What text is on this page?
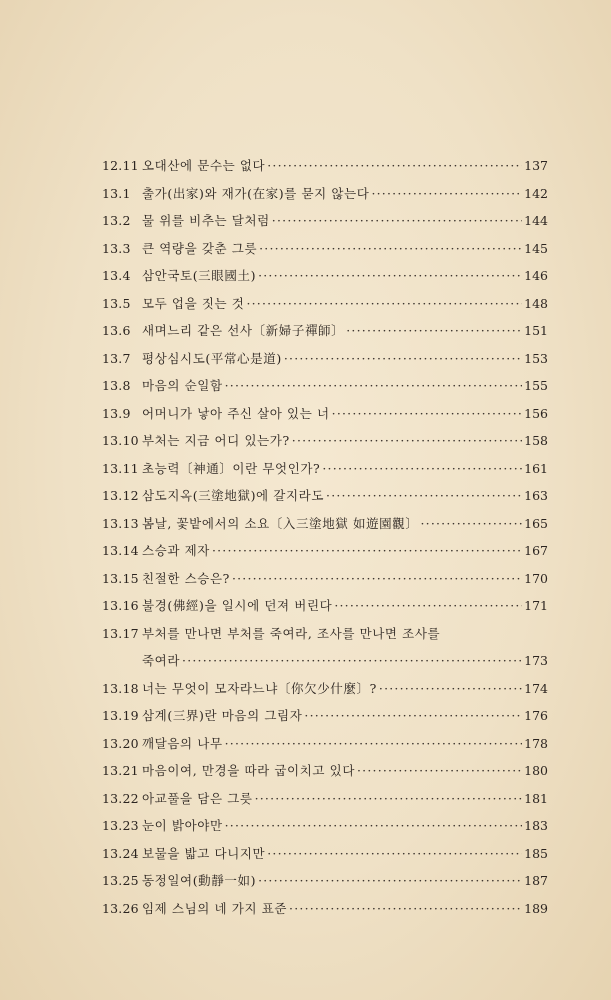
12.11 오대산에 문수는 없다 ·····	137
13.1 출가(出家)와 재가(在家)를 묻지 않는다 ·····	142
13.2 물 위를 비추는 달처럼 ·····	144
13.3 큰 역량을 갖춘 그릇 ·····	145
13.4 삼안국토(三眼國土) ·····	146
13.5 모두 업을 짓는 것 ·····	148
13.6 새며느리 같은 선사〔新婦子禪師〕 ·····	151
13.7 평상심시도(平常心是道) ·····	153
13.8 마음의 순일함 ·····	155
13.9 어머니가 낳아 주신 살아 있는 너 ·····	156
13.10 부처는 지금 어디 있는가? ·····	158
13.11 초능력〔神通〕이란 무엇인가? ·····	161
13.12 삼도지옥(三塗地獄)에 갈지라도 ·····	163
13.13 봄날, 꽃밭에서의 소요〔入三塗地獄 如遊園觀〕 ·····	165
13.14 스승과 제자 ·····	167
13.15 친절한 스승은? ·····	170
13.16 불경(佛經)을 일시에 던져 버린다 ·····	171
13.17 부처를 만나면 부처를 죽여라, 조사를 만나면 조사를
죽여라 ·····	173
13.18 너는 무엇이 모자라느냐〔你欠少什麼〕? ·····	174
13.19 삼계(三界)란 마음의 그림자 ·····	176
13.20 깨달음의 나무 ·····	178
13.21 마음이여, 만경을 따라 굽이치고 있다 ·····	180
13.22 아교풀을 담은 그릇 ·····	181
13.23 눈이 밝아야만 ·····	183
13.24 보물을 밟고 다니지만 ·····	185
13.25 동정일여(動靜一如) ·····	187
13.26 임제 스님의 네 가지 표준 ·····	189
